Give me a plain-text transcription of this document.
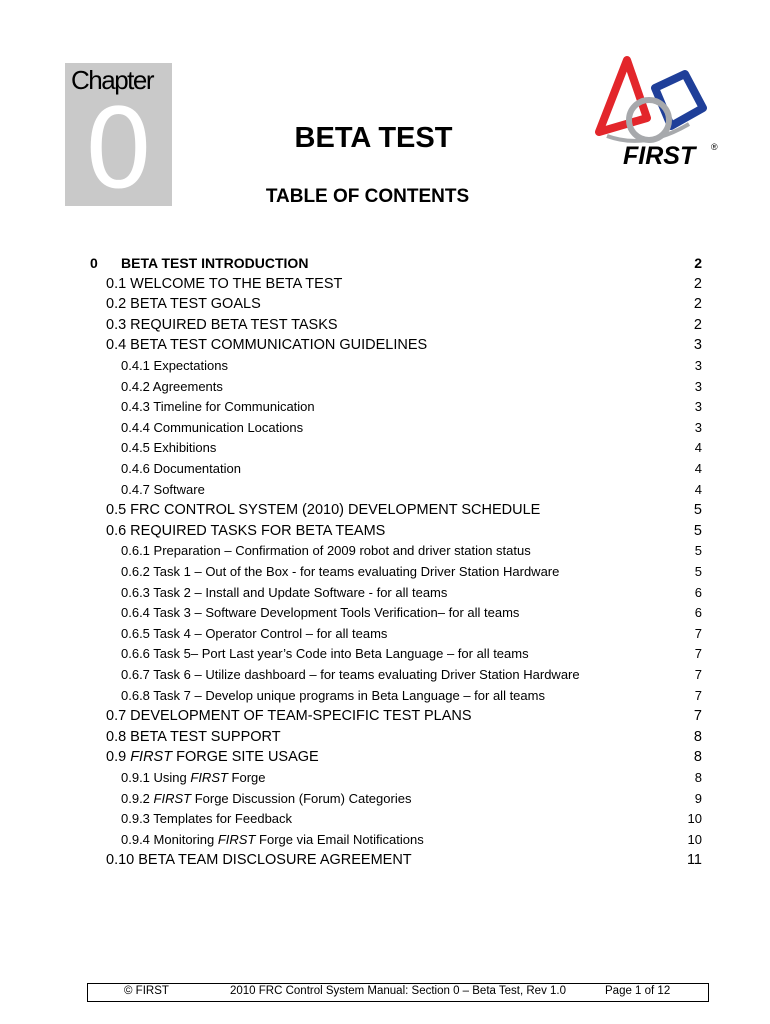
Chapter
0	BETA TEST
TABLE OF CONTENTS
FIRST	®
0 BETA TEST INTRODUCTION	2
0.1 WELCOME TO THE BETA TEST	2
0.2 BETA TEST GOALS	2
0.3 REQUIRED BETA TEST TASKS	2
0.4 BETA TEST COMMUNICATION GUIDELINES	3
0.4.1 Expectations	3
0.4.2 Agreements	3
0.4.3 Timeline for Communication	3
0.4.4 Communication Locations	3
0.4.5 Exhibitions	4
0.4.6 Documentation	4
0.4.7 Software	4
0.5 FRC CONTROL SYSTEM (2010) DEVELOPMENT SCHEDULE	5
0.6 REQUIRED TASKS FOR BETA TEAMS	5
0.6.1 Preparation – Confirmation of 2009 robot and driver station status	5
0.6.2 Task 1 – Out of the Box - for teams evaluating Driver Station Hardware	5
0.6.3 Task 2 – Install and Update Software - for all teams	6
0.6.4 Task 3 – Software Development Tools Verification– for all teams	6
0.6.5 Task 4 – Operator Control – for all teams	7
0.6.6 Task 5– Port Last year’s Code into Beta Language – for all teams	7
0.6.7 Task 6 – Utilize dashboard – for teams evaluating Driver Station Hardware	7
0.6.8 Task 7 – Develop unique programs in Beta Language – for all teams	7
0.7 DEVELOPMENT OF TEAM-SPECIFIC TEST PLANS	7
0.8 BETA TEST SUPPORT	8
0.9 FIRST FORGE SITE USAGE	8
0.9.1 Using FIRST Forge	8
0.9.2 FIRST Forge Discussion (Forum) Categories	9
0.9.3 Templates for Feedback	10
0.9.4 Monitoring FIRST Forge via Email Notifications	10
0.10 BETA TEAM DISCLOSURE AGREEMENT	11
© FIRST	2010 FRC Control System Manual: Section 0 – Beta Test, Rev 1.0	Page 1 of 12
